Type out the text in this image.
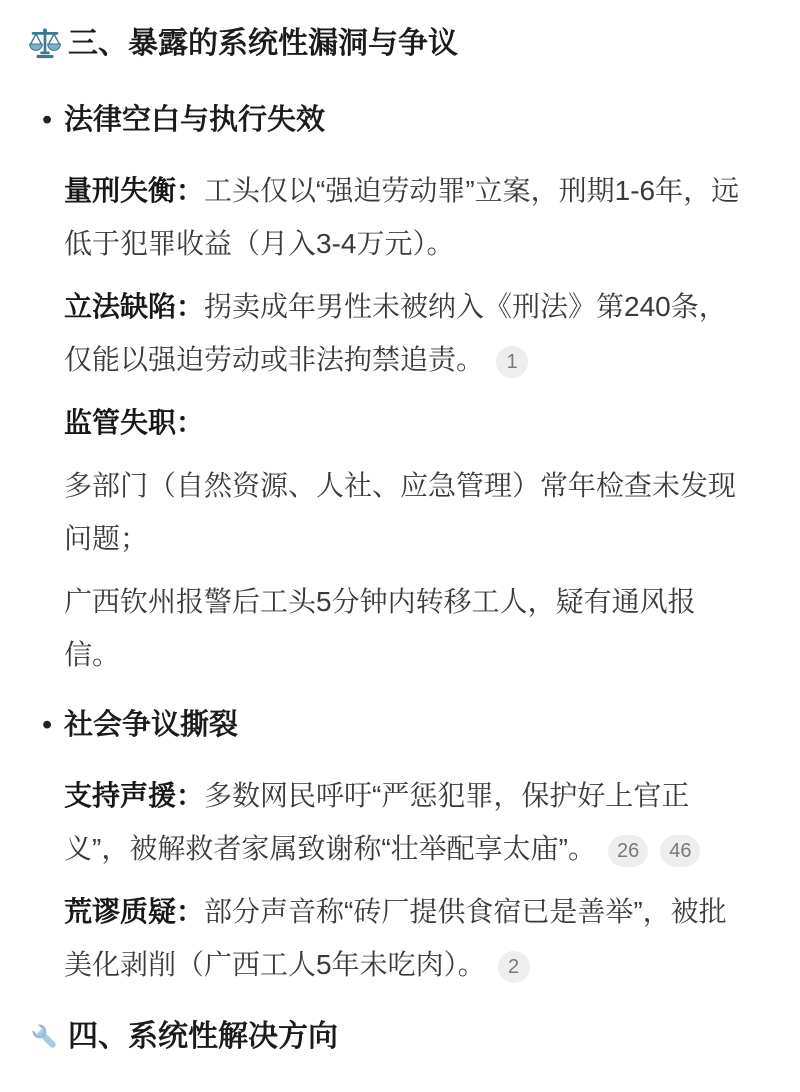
三、暴露的系统性漏洞与争议
•
法律空白与执行失效

量刑失衡：工头仅以“强迫劳动罪”立案，刑期1-6年，远低于犯罪收益（月入3-4万元）。

立法缺陷：拐卖成年男性未被纳入《刑法》第240条，仅能以强迫劳动或非法拘禁追责。 1

监管失职：

多部门（自然资源、人社、应急管理）常年检查未发现问题；

广西钦州报警后工头5分钟内转移工人，疑有通风报信。

•
社会争议撕裂

支持声援：多数网民呼吁“严惩犯罪，保护好上官正义”，被解救者家属致谢称“壮举配享太庙”。 26 46

荒谬质疑：部分声音称“砖厂提供食宿已是善举”，被批美化剥削（广西工人5年未吃肉）。 2

四、系统性解决方向
